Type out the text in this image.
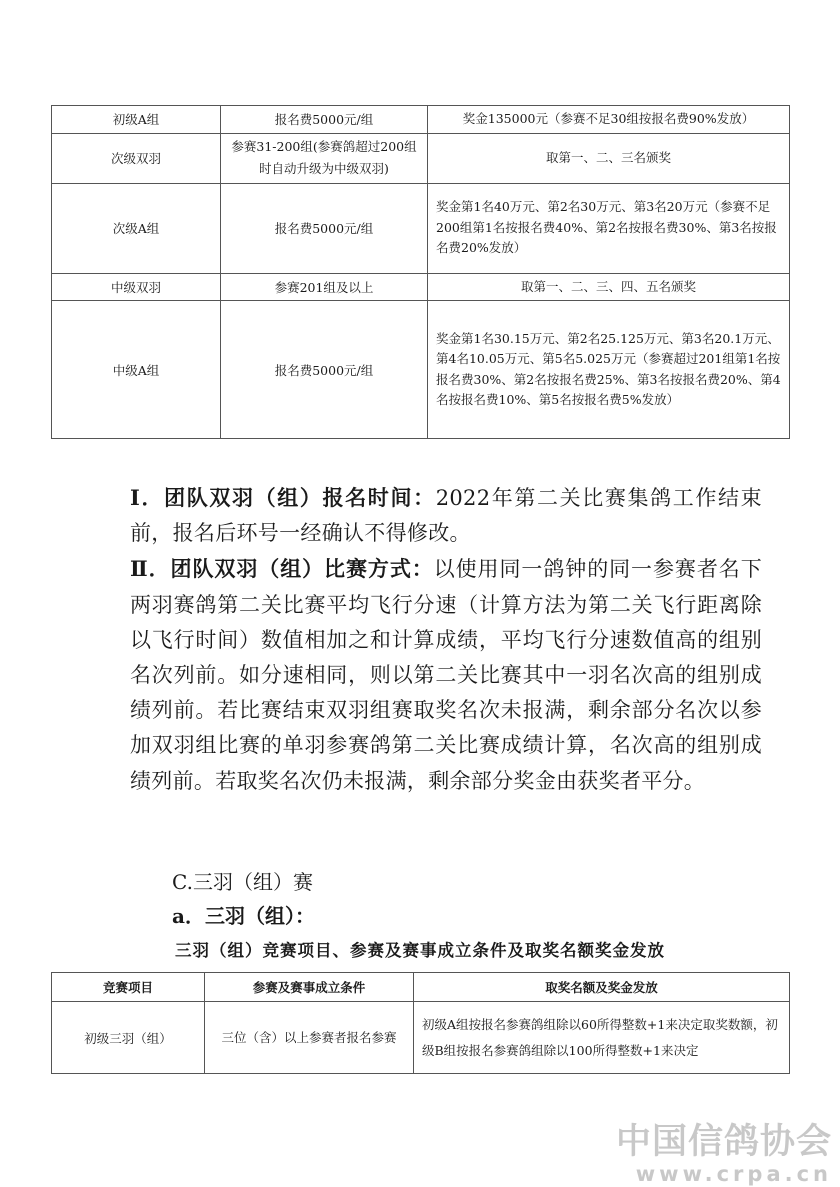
初级A组	报名费5000元/组	奖金135000元（参赛不足30组按报名费90%发放）
次级双羽	参赛31-200组(参赛鸽超过200组时自动升级为中级双羽)	取第一、二、三名颁奖
次级A组	报名费5000元/组	奖金第1名40万元、第2名30万元、第3名20万元（参赛不足200组第1名按报名费40%、第2名按报名费30%、第3名按报名费20%发放）
中级双羽	参赛201组及以上	取第一、二、三、四、五名颁奖
中级A组	报名费5000元/组	奖金第1名30.15万元、第2名25.125万元、第3名20.1万元、第4名10.05万元、第5名5.025万元（参赛超过201组第1名按报名费30%、第2名按报名费25%、第3名按报名费20%、第4名按报名费10%、第5名按报名费5%发放）

Ⅰ．团队双羽（组）报名时间：2022年第二关比赛集鸽工作结束前，报名后环号一经确认不得修改。

Ⅱ．团队双羽（组）比赛方式：以使用同一鸽钟的同一参赛者名下两羽赛鸽第二关比赛平均飞行分速（计算方法为第二关飞行距离除以飞行时间）数值相加之和计算成绩，平均飞行分速数值高的组别名次列前。如分速相同，则以第二关比赛其中一羽名次高的组别成绩列前。若比赛结束双羽组赛取奖名次未报满，剩余部分名次以参加双羽组比赛的单羽参赛鸽第二关比赛成绩计算，名次高的组别成绩列前。若取奖名次仍未报满，剩余部分奖金由获奖者平分。

C.三羽（组）赛
a．三羽（组）：
三羽（组）竞赛项目、参赛及赛事成立条件及取奖名额奖金发放
竞赛项目	参赛及赛事成立条件	取奖名额及奖金发放
初级三羽（组）	三位（含）以上参赛者报名参赛	初级A组按报名参赛鸽组除以60所得整数+1来决定取奖数额，初级B组按报名参赛鸽组除以100所得整数+1来决定
中国信鸽协会
www.crpa.cn
